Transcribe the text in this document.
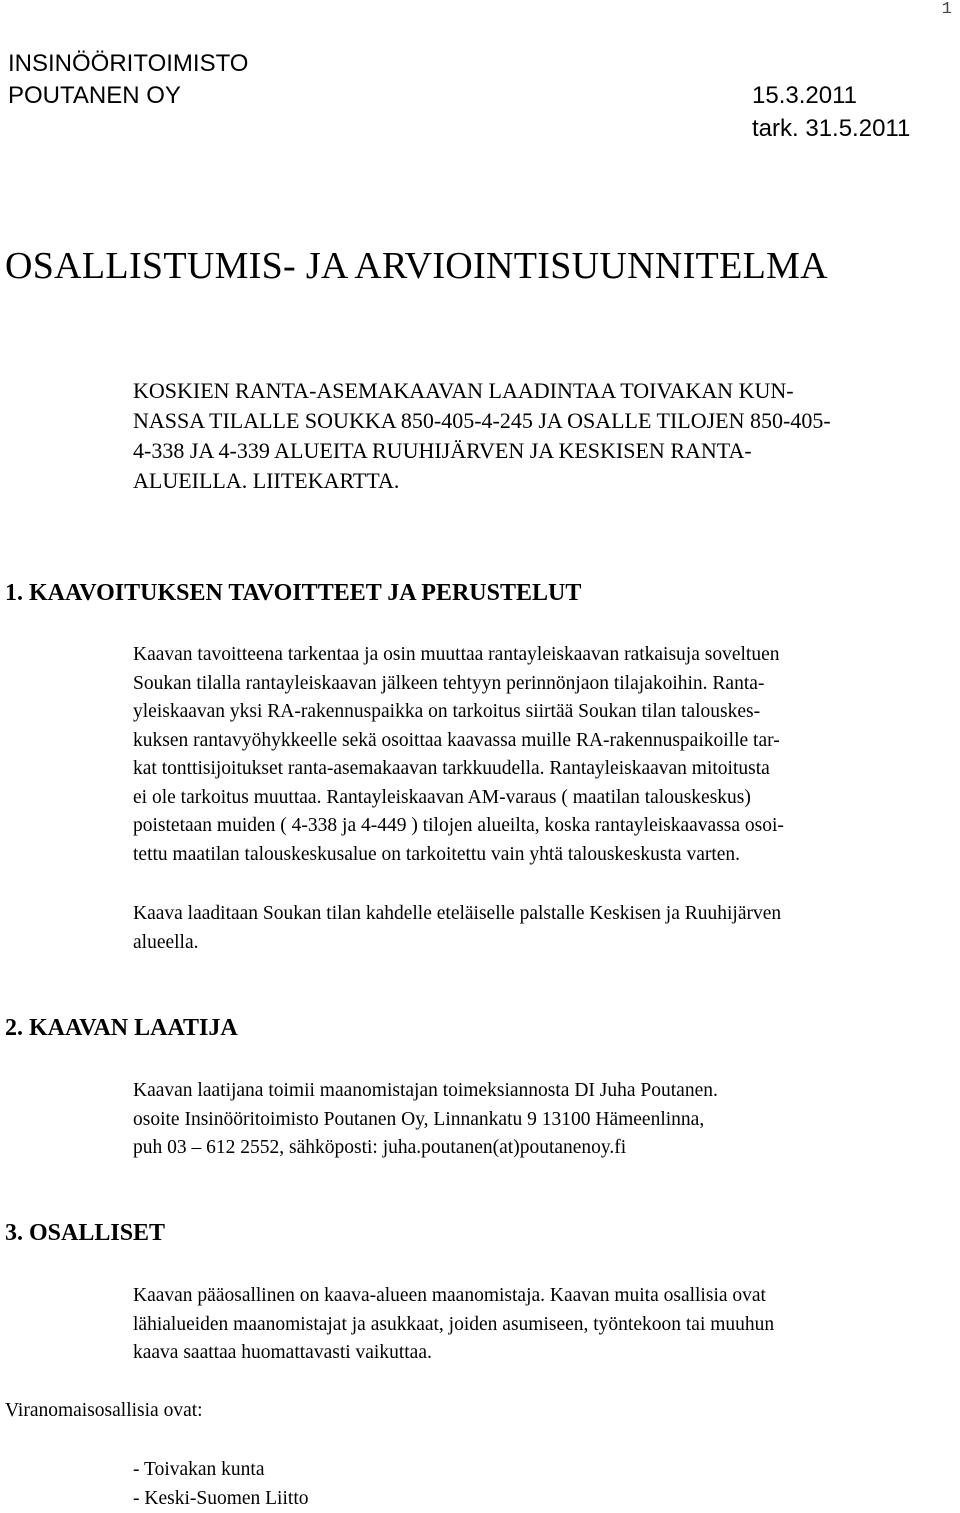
1
INSINÖÖRITOIMISTO
POUTANEN OY	15.3.2011
tark. 31.5.2011
OSALLISTUMIS- JA ARVIOINTISUUNNITELMA
KOSKIEN RANTA-ASEMAKAAVAN LAADINTAA TOIVAKAN KUN-
NASSA TILALLE SOUKKA 850-405-4-245 JA OSALLE TILOJEN 850-405-
4-338 JA 4-339 ALUEITA RUUHIJÄRVEN JA KESKISEN RANTA-
ALUEILLA. LIITEKARTTA.
1. KAAVOITUKSEN TAVOITTEET JA PERUSTELUT
Kaavan tavoitteena tarkentaa ja osin muuttaa rantayleiskaavan ratkaisuja soveltuen
Soukan tilalla rantayleiskaavan jälkeen tehtyyn perinnönjaon tilajakoihin. Ranta-
yleiskaavan yksi RA-rakennuspaikka on tarkoitus siirtää Soukan tilan talouskes-
kuksen rantavyöhykkeelle sekä osoittaa kaavassa muille RA-rakennuspaikoille tar-
kat tonttisijoitukset ranta-asemakaavan tarkkuudella. Rantayleiskaavan mitoitusta
ei ole tarkoitus muuttaa. Rantayleiskaavan AM-varaus ( maatilan talouskeskus)
poistetaan muiden ( 4-338 ja 4-449 ) tilojen alueilta, koska rantayleiskaavassa osoi-
tettu maatilan talouskeskusalue on tarkoitettu vain yhtä talouskeskusta varten.
Kaava laaditaan Soukan tilan kahdelle eteläiselle palstalle Keskisen ja Ruuhijärven
alueella.
2. KAAVAN LAATIJA
Kaavan laatijana toimii maanomistajan toimeksiannosta DI Juha Poutanen.
osoite Insinööritoimisto Poutanen Oy, Linnankatu 9 13100 Hämeenlinna,
puh 03 – 612 2552, sähköposti: juha.poutanen(at)poutanenoy.fi
3. OSALLISET
Kaavan pääosallinen on kaava-alueen maanomistaja. Kaavan muita osallisia ovat
lähialueiden maanomistajat ja asukkaat, joiden asumiseen, työntekoon tai muuhun
kaava saattaa huomattavasti vaikuttaa.
Viranomaisosallisia ovat:
- Toivakan kunta
- Keski-Suomen Liitto
